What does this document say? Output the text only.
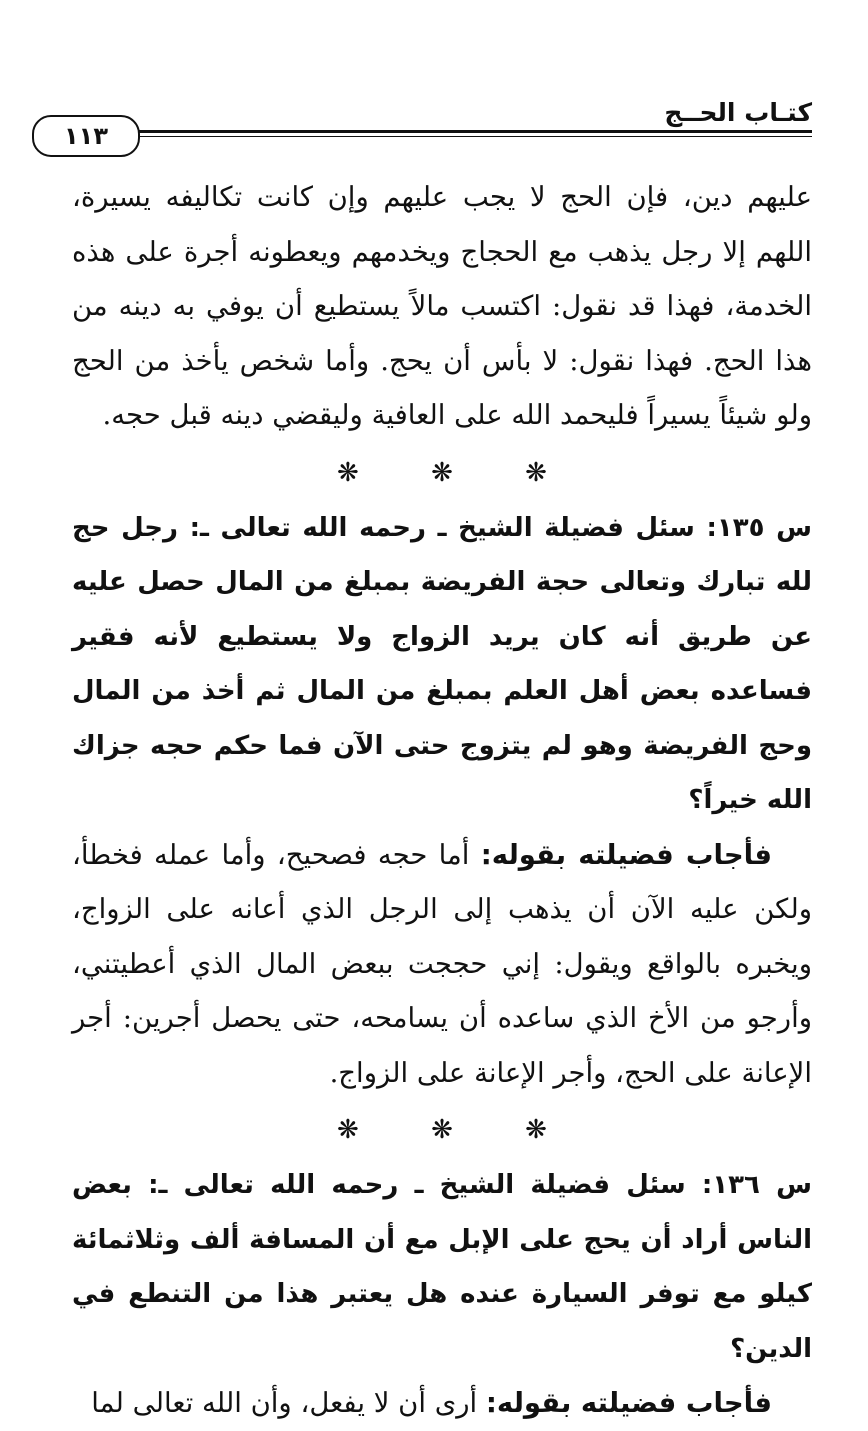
كتـاب الحــج
١١٣

عليهم دين، فإن الحج لا يجب عليهم وإن كانت تكاليفه يسيرة، اللهم إلا رجل يذهب مع الحجاج ويخدمهم ويعطونه أجرة على هذه الخدمة، فهذا قد نقول: اكتسب مالاً يستطيع أن يوفي به دينه من هذا الحج. فهذا نقول: لا بأس أن يحج. وأما شخص يأخذ من الحج ولو شيئاً يسيراً فليحمد الله على العافية وليقضي دينه قبل حجه.

❋ ❋ ❋

س ١٣٥: سئل فضيلة الشيخ ـ رحمه الله تعالى ـ: رجل حج لله تبارك وتعالى حجة الفريضة بمبلغ من المال حصل عليه عن طريق أنه كان يريد الزواج ولا يستطيع لأنه فقير فساعده بعض أهل العلم بمبلغ من المال ثم أخذ من المال وحج الفريضة وهو لم يتزوج حتى الآن فما حكم حجه جزاك الله خيراً؟

فأجاب فضيلته بقوله: أما حجه فصحيح، وأما عمله فخطأ، ولكن عليه الآن أن يذهب إلى الرجل الذي أعانه على الزواج، ويخبره بالواقع ويقول: إني حججت ببعض المال الذي أعطيتني، وأرجو من الأخ الذي ساعده أن يسامحه، حتى يحصل أجرين: أجر الإعانة على الحج، وأجر الإعانة على الزواج.

❋ ❋ ❋

س ١٣٦: سئل فضيلة الشيخ ـ رحمه الله تعالى ـ: بعض الناس أراد أن يحج على الإبل مع أن المسافة ألف وثلاثمائة كيلو مع توفر السيارة عنده هل يعتبر هذا من التنطع في الدين؟

فأجاب فضيلته بقوله: أرى أن لا يفعل، وأن الله تعالى لما
